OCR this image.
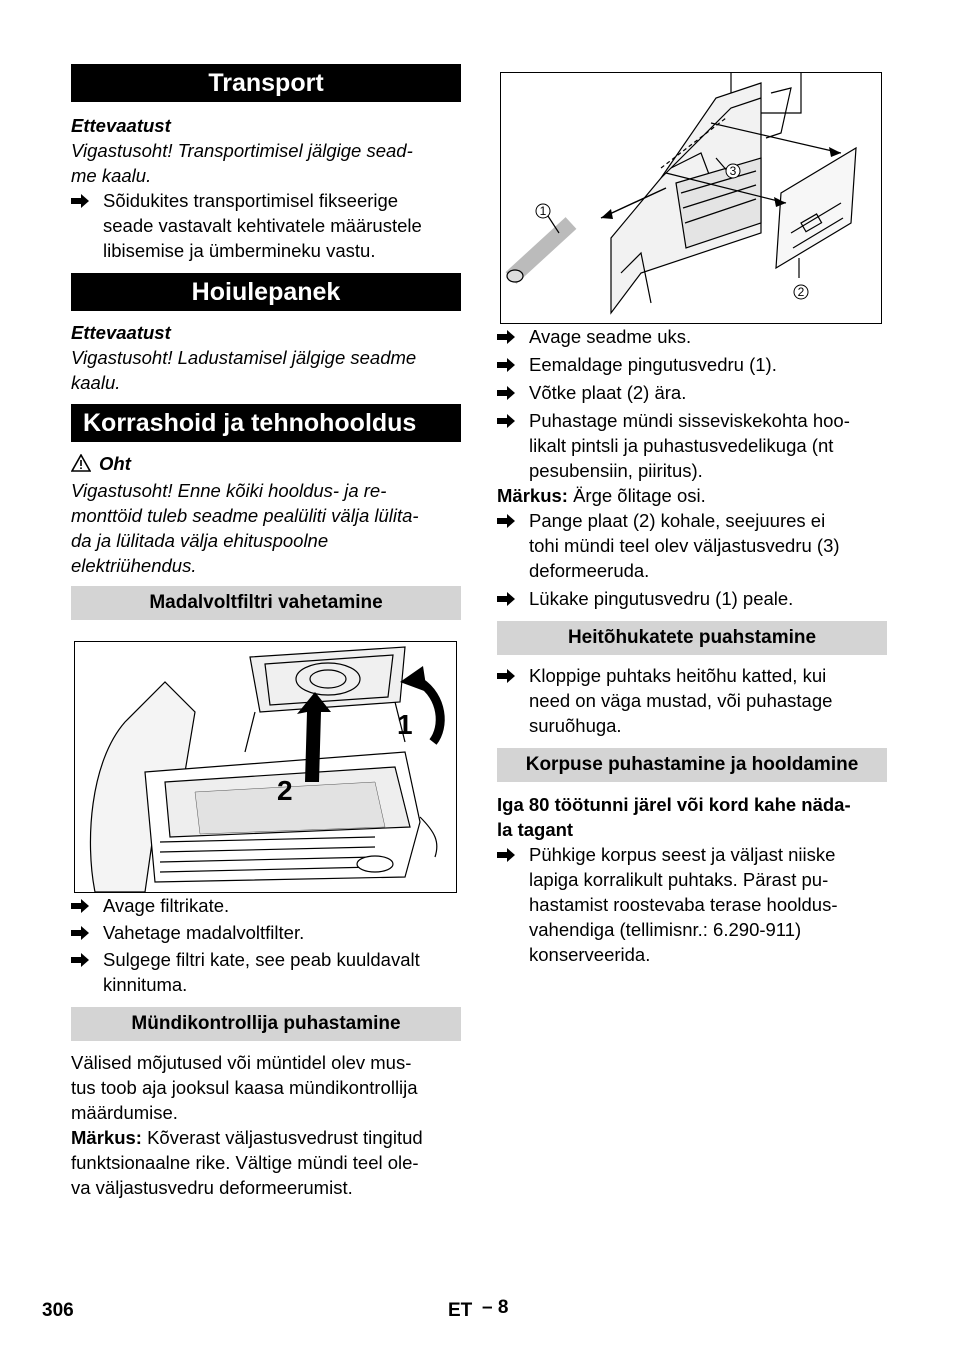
Transport

Ettevaatust

Vigastusoht! Transportimisel jälgige sead-

me kaalu.

Sõidukites transportimisel fikseerige
seade vastavalt kehtivatele määrustele
libisemise ja ümbermineku vastu.
Hoiulepanek

Ettevaatust

Vigastusoht! Ladustamisel jälgige seadme

kaalu.

Korrashoid ja tehnohooldus

Oht

Vigastusoht! Enne kõiki hooldus- ja re-

monttöid tuleb seadme pealüliti välja lülita-

da ja lülitada välja ehituspoolne

elektriühendus.

Madalvoltfiltri vahetamine
1
2
Avage filtrikate.
Vahetage madalvoltfilter.
Sulgege filtri kate, see peab kuuldavalt
kinnituma.
Mündikontrollija puhastamine

Välised mõjutused või müntidel olev mus-

tus toob aja jooksul kaasa mündikontrollija

määrdumise.

Märkus: Kõverast väljastusvedrust tingitud

funktsionaalne rike. Vältige mündi teel ole-

va väljastusvedru deformeerumist.

1
2
3
Avage seadme uks.
Eemaldage pingutusvedru (1).
Võtke plaat (2) ära.
Puhastage mündi sisseviskekohta hoo-
likalt pintsli ja puhastusvedelikuga (nt
pesubensiin, piiritus).

Märkus: Ärge õlitage osi.

Pange plaat (2) kohale, seejuures ei
tohi mündi teel olev väljastusvedru (3)
deformeeruda.
Lükake pingutusvedru (1) peale.
Heitõhukatete puahstamine
Kloppige puhtaks heitõhu katted, kui
need on väga mustad, või puhastage
suruõhuga.
Korpuse puhastamine ja hooldamine

Iga 80 töötunni järel või kord kahe näda-

la tagant

Pühkige korpus seest ja väljast niiske
lapiga korralikult puhtaks. Pärast pu-
hastamist roostevaba terase hooldus-
vahendiga (tellimisnr.: 6.290-911)
konserveerida.
306	ET – 8
